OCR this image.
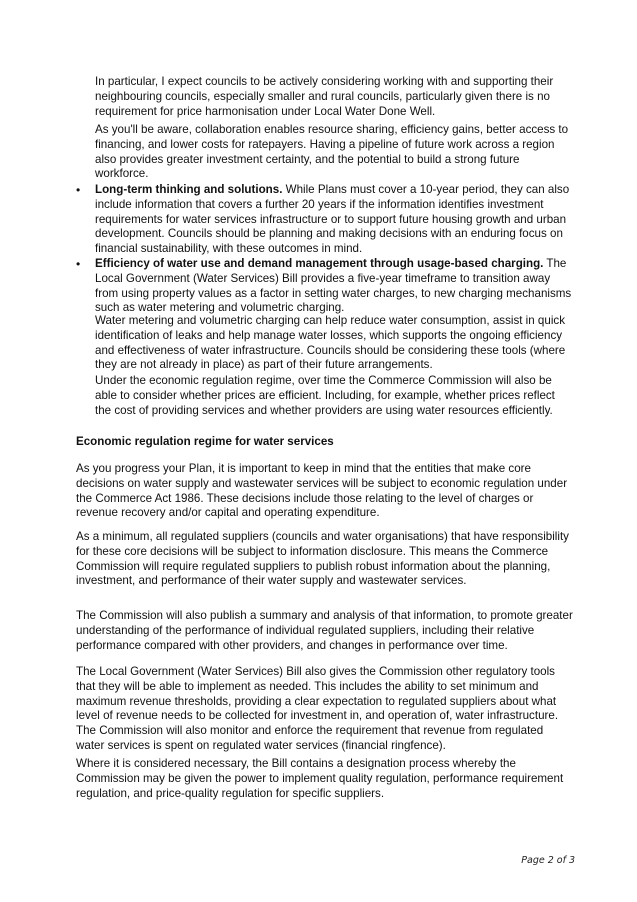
In particular, I expect councils to be actively considering working with and supporting their neighbouring councils, especially smaller and rural councils, particularly given there is no requirement for price harmonisation under Local Water Done Well.

As you'll be aware, collaboration enables resource sharing, efficiency gains, better access to financing, and lower costs for ratepayers. Having a pipeline of future work across a region also provides greater investment certainty, and the potential to build a strong future workforce.

• Long-term thinking and solutions. While Plans must cover a 10-year period, they can also include information that covers a further 20 years if the information identifies investment requirements for water services infrastructure or to support future housing growth and urban development. Councils should be planning and making decisions with an enduring focus on financial sustainability, with these outcomes in mind.

• Efficiency of water use and demand management through usage-based charging. The Local Government (Water Services) Bill provides a five-year timeframe to transition away from using property values as a factor in setting water charges, to new charging mechanisms such as water metering and volumetric charging.

Water metering and volumetric charging can help reduce water consumption, assist in quick identification of leaks and help manage water losses, which supports the ongoing efficiency and effectiveness of water infrastructure. Councils should be considering these tools (where they are not already in place) as part of their future arrangements.

Under the economic regulation regime, over time the Commerce Commission will also be able to consider whether prices are efficient. Including, for example, whether prices reflect the cost of providing services and whether providers are using water resources efficiently.

Economic regulation regime for water services

As you progress your Plan, it is important to keep in mind that the entities that make core decisions on water supply and wastewater services will be subject to economic regulation under the Commerce Act 1986. These decisions include those relating to the level of charges or revenue recovery and/or capital and operating expenditure.

As a minimum, all regulated suppliers (councils and water organisations) that have responsibility for these core decisions will be subject to information disclosure. This means the Commerce Commission will require regulated suppliers to publish robust information about the planning, investment, and performance of their water supply and wastewater services.

The Commission will also publish a summary and analysis of that information, to promote greater understanding of the performance of individual regulated suppliers, including their relative performance compared with other providers, and changes in performance over time.

The Local Government (Water Services) Bill also gives the Commission other regulatory tools that they will be able to implement as needed. This includes the ability to set minimum and maximum revenue thresholds, providing a clear expectation to regulated suppliers about what level of revenue needs to be collected for investment in, and operation of, water infrastructure. The Commission will also monitor and enforce the requirement that revenue from regulated water services is spent on regulated water services (financial ringfence).

Where it is considered necessary, the Bill contains a designation process whereby the Commission may be given the power to implement quality regulation, performance requirement regulation, and price-quality regulation for specific suppliers.

Page 2 of 3
